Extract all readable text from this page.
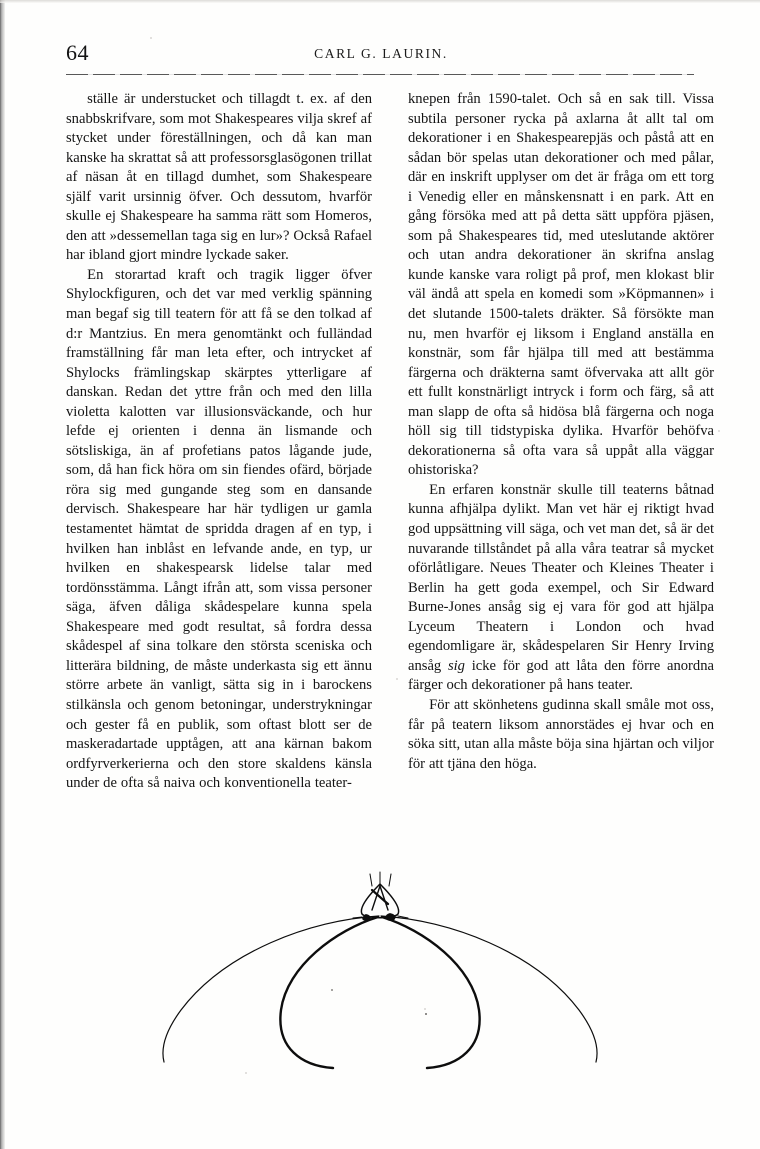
64	CARL G. LAURIN.

ställe är understucket och tillagdt t. ex. af den snabbskrifvare, som mot Shakespeares vilja skref af stycket under föreställningen, och då kan man kanske ha skrattat så att professorsglasögonen trillat af näsan åt en tillagd dumhet, som Shakespeare själf varit ursinnig öfver. Och dessutom, hvarför skulle ej Shakespeare ha samma rätt som Homeros, den att »dessemellan taga sig en lur»? Också Rafael har ibland gjort mindre lyckade saker.

En storartad kraft och tragik ligger öfver Shylockfiguren, och det var med verklig spänning man begaf sig till teatern för att få se den tolkad af d:r Mantzius. En mera genomtänkt och fulländad framställning får man leta efter, och intrycket af Shylocks främlingskap skärptes ytterligare af danskan. Redan det yttre från och med den lilla violetta kalotten var illusionsväckande, och hur lefde ej orienten i denna än lismande och sötsliskiga, än af profetians patos lågande jude, som, då han fick höra om sin fiendes ofärd, började röra sig med gungande steg som en dansande dervisch. Shakespeare har här tydligen ur gamla testamentet hämtat de spridda dragen af en typ, i hvilken han inblåst en lefvande ande, en typ, ur hvilken en shakespearsk lidelse talar med tordönsstämma. Långt ifrån att, som vissa personer säga, äfven dåliga skådespelare kunna spela Shakespeare med godt resultat, så fordra dessa skådespel af sina tolkare den största sceniska och litterära bildning, de måste underkasta sig ett ännu större arbete än vanligt, sätta sig in i barockens stilkänsla och genom betoningar, understrykningar och gester få en publik, som oftast blott ser de maskeradartade upptågen, att ana kärnan bakom ordfyrverkerierna och den store skaldens känsla under de ofta så naiva och konventionella teater-

knepen från 1590-talet. Och så en sak till. Vissa subtila personer rycka på axlarna åt allt tal om dekorationer i en Shakespearepjäs och påstå att en sådan bör spelas utan dekorationer och med pålar, där en inskrift upplyser om det är fråga om ett torg i Venedig eller en månskensnatt i en park. Att en gång försöka med att på detta sätt uppföra pjäsen, som på Shakespeares tid, med uteslutande aktörer och utan andra dekorationer än skrifna anslag kunde kanske vara roligt på prof, men klokast blir väl ändå att spela en komedi som »Köpmannen» i det slutande 1500-talets dräkter. Så försökte man nu, men hvarför ej liksom i England anställa en konstnär, som får hjälpa till med att bestämma färgerna och dräkterna samt öfvervaka att allt gör ett fullt konstnärligt intryck i form och färg, så att man slapp de ofta så hidösa blå färgerna och noga höll sig till tidstypiska dylika. Hvarför behöfva dekorationerna så ofta vara så uppåt alla väggar ohistoriska?

En erfaren konstnär skulle till teaterns båtnad kunna afhjälpa dylikt. Man vet här ej riktigt hvad god uppsättning vill säga, och vet man det, så är det nuvarande tillståndet på alla våra teatrar så mycket oförlåtligare. Neues Theater och Kleines Theater i Berlin ha gett goda exempel, och Sir Edward Burne-Jones ansåg sig ej vara för god att hjälpa Lyceum Theatern i London och hvad egendomligare är, skådespelaren Sir Henry Irving ansåg sig icke för god att låta den förre anordna färger och dekorationer på hans teater.

För att skönhetens gudinna skall småle mot oss, får på teatern liksom annorstädes ej hvar och en söka sitt, utan alla måste böja sina hjärtan och viljor för att tjäna den höga.
